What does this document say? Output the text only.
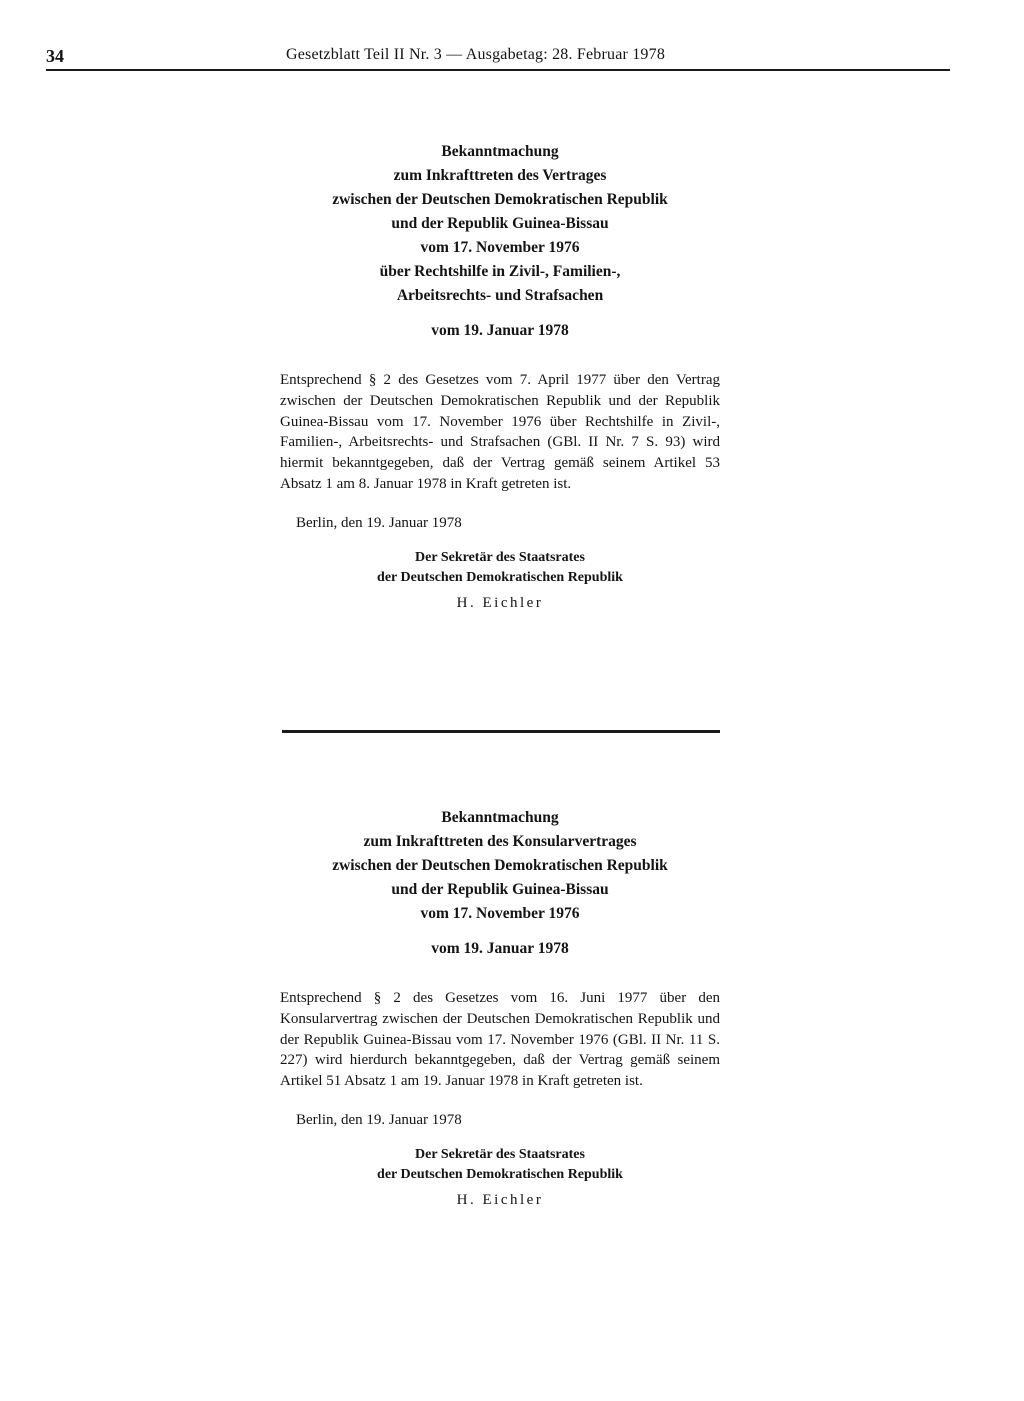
34	Gesetzblatt Teil II Nr. 3 — Ausgabetag: 28. Februar 1978
Bekanntmachung
zum Inkrafttreten des Vertrages
zwischen der Deutschen Demokratischen Republik
und der Republik Guinea-Bissau
vom 17. November 1976
über Rechtshilfe in Zivil-, Familien-,
Arbeitsrechts- und Strafsachen
vom 19. Januar 1978
Entsprechend § 2 des Gesetzes vom 7. April 1977 über den Vertrag zwischen der Deutschen Demokratischen Republik und der Republik Guinea-Bissau vom 17. November 1976 über Rechtshilfe in Zivil-, Familien-, Arbeitsrechts- und Strafsachen (GBl. II Nr. 7 S. 93) wird hiermit bekanntgegeben, daß der Vertrag gemäß seinem Artikel 53 Absatz 1 am 8. Januar 1978 in Kraft getreten ist.
Berlin, den 19. Januar 1978
Der Sekretär des Staatsrates
der Deutschen Demokratischen Republik
H. Eichler
Bekanntmachung
zum Inkrafttreten des Konsularvertrages
zwischen der Deutschen Demokratischen Republik
und der Republik Guinea-Bissau
vom 17. November 1976
vom 19. Januar 1978
Entsprechend § 2 des Gesetzes vom 16. Juni 1977 über den Konsularvertrag zwischen der Deutschen Demokratischen Republik und der Republik Guinea-Bissau vom 17. November 1976 (GBl. II Nr. 11 S. 227) wird hierdurch bekanntgegeben, daß der Vertrag gemäß seinem Artikel 51 Absatz 1 am 19. Januar 1978 in Kraft getreten ist.
Berlin, den 19. Januar 1978
Der Sekretär des Staatsrates
der Deutschen Demokratischen Republik
H. Eichler
